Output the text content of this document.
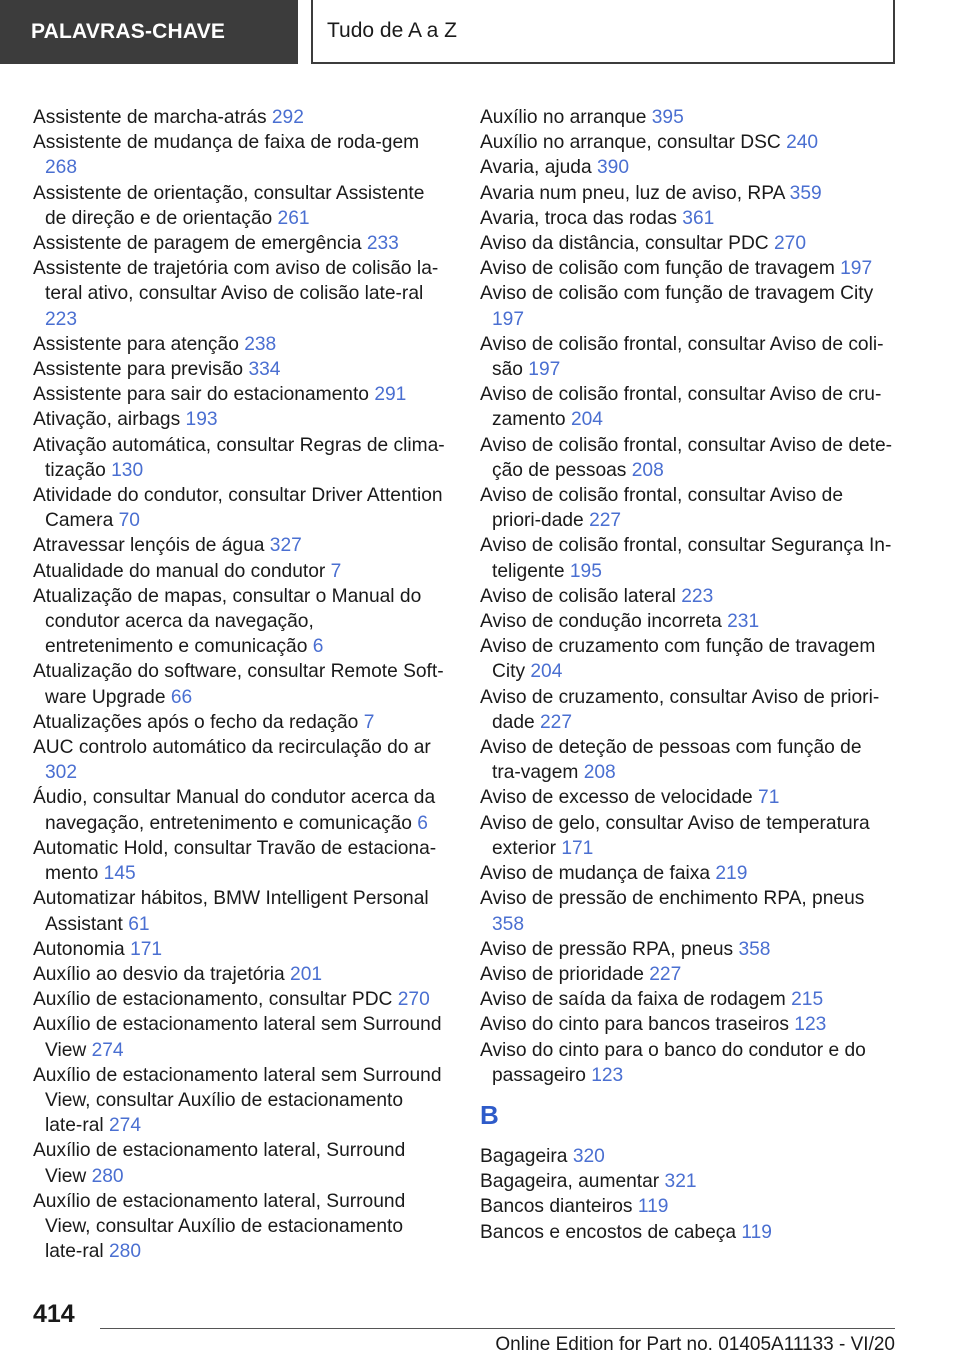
PALAVRAS-CHAVE	Tudo de A a Z
Assistente de marcha-atrás 292
Assistente de mudança de faixa de roda-gem 268
Assistente de orientação, consultar Assistente de direção e de orientação 261
Assistente de paragem de emergência 233
Assistente de trajetória com aviso de colisão la-teral ativo, consultar Aviso de colisão late-ral 223
Assistente para atenção 238
Assistente para previsão 334
Assistente para sair do estacionamento 291
Ativação, airbags 193
Ativação automática, consultar Regras de clima-tização 130
Atividade do condutor, consultar Driver Attention Camera 70
Atravessar lençóis de água 327
Atualidade do manual do condutor 7
Atualização de mapas, consultar o Manual do condutor acerca da navegação, entretenimento e comunicação 6
Atualização do software, consultar Remote Soft-ware Upgrade 66
Atualizações após o fecho da redação 7
AUC controlo automático da recirculação do ar 302
Áudio, consultar Manual do condutor acerca da navegação, entretenimento e comunicação 6
Automatic Hold, consultar Travão de estaciona-mento 145
Automatizar hábitos, BMW Intelligent Personal Assistant 61
Autonomia 171
Auxílio ao desvio da trajetória 201
Auxílio de estacionamento, consultar PDC 270
Auxílio de estacionamento lateral sem Surround View 274
Auxílio de estacionamento lateral sem Surround View, consultar Auxílio de estacionamento late-ral 274
Auxílio de estacionamento lateral, Surround View 280
Auxílio de estacionamento lateral, Surround View, consultar Auxílio de estacionamento late-ral 280
Auxílio no arranque 395
Auxílio no arranque, consultar DSC 240
Avaria, ajuda 390
Avaria num pneu, luz de aviso, RPA 359
Avaria, troca das rodas 361
Aviso da distância, consultar PDC 270
Aviso de colisão com função de travagem 197
Aviso de colisão com função de travagem City 197
Aviso de colisão frontal, consultar Aviso de coli-são 197
Aviso de colisão frontal, consultar Aviso de cru-zamento 204
Aviso de colisão frontal, consultar Aviso de dete-ção de pessoas 208
Aviso de colisão frontal, consultar Aviso de priori-dade 227
Aviso de colisão frontal, consultar Segurança In-teligente 195
Aviso de colisão lateral 223
Aviso de condução incorreta 231
Aviso de cruzamento com função de travagem City 204
Aviso de cruzamento, consultar Aviso de priori-dade 227
Aviso de deteção de pessoas com função de tra-vagem 208
Aviso de excesso de velocidade 71
Aviso de gelo, consultar Aviso de temperatura exterior 171
Aviso de mudança de faixa 219
Aviso de pressão de enchimento RPA, pneus 358
Aviso de pressão RPA, pneus 358
Aviso de prioridade 227
Aviso de saída da faixa de rodagem 215
Aviso do cinto para bancos traseiros 123
Aviso do cinto para o banco do condutor e do passageiro 123
B
Bagageira 320
Bagageira, aumentar 321
Bancos dianteiros 119
Bancos e encostos de cabeça 119
414
Online Edition for Part no. 01405A11133 - VI/20
